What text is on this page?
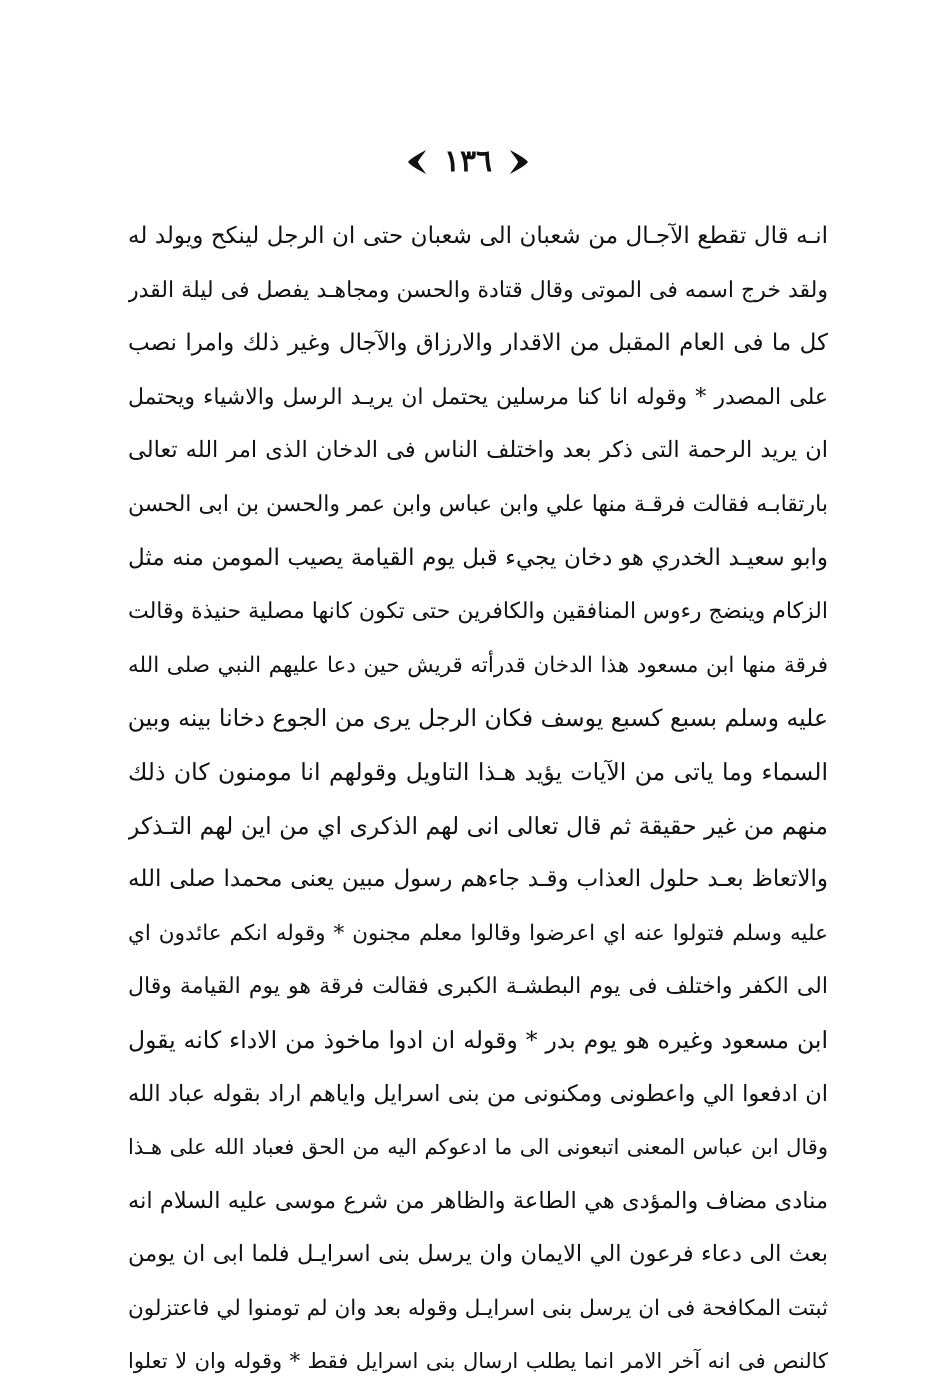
١٣٦
انـه قال تقطع الآجـال من شعبان الى شعبان حتى ان الرجل لينكح ويولد له
ولقد خرج اسمه فى الموتى وقال قتادة والحسن ومجاهـد يفصل فى ليلة القدر
كل ما فى العام المقبل من الاقدار والارزاق والآجال وغير ذلك وامرا نصب
على المصدر * وقوله انا كنا مرسلين يحتمل ان يريـد الرسل والاشياء ويحتمل
ان يريد الرحمة التى ذكر بعد واختلف الناس فى الدخان الذى امر الله تعالى
بارتقابـه فقالت فرقـة منها علي وابن عباس وابن عمر والحسن بن ابى الحسن
وابو سعيـد الخدري هو دخان يجيء قبل يوم القيامة يصيب المومن منه مثل
الزكام وينضج رءوس المنافقين والكافرين حتى تكون كانها مصلية حنيذة وقالت
فرقة منها ابن مسعود هذا الدخان قدرأته قريش حين دعا عليهم النبي صلى الله
عليه وسلم بسبع كسبع يوسف فكان الرجل يرى من الجوع دخانا بينه وبين
السماء وما ياتى من الآيات يؤيد هـذا التاويل وقولهم انا مومنون كان ذلك
منهم من غير حقيقة ثم قال تعالى انى لهم الذكرى اي من اين لهم التـذكر
والاتعاظ بعـد حلول العذاب وقـد جاءهم رسول مبين يعنى محمدا صلى الله
عليه وسلم فتولوا عنه اي اعرضوا وقالوا معلم مجنون * وقوله انكم عائدون اي
الى الكفر واختلف فى يوم البطشـة الكبرى فقالت فرقة هو يوم القيامة وقال
ابن مسعود وغيره هو يوم بدر * وقوله ان ادوا ماخوذ من الاداء كانه يقول
ان ادفعوا الي واعطونى ومكنونى من بنى اسرايل واياهم اراد بقوله عباد الله
وقال ابن عباس المعنى اتبعونى الى ما ادعوكم اليه من الحق فعباد الله على هـذا
منادى مضاف والمؤدى هي الطاعة والظاهر من شرع موسى عليه السلام انه
بعث الى دعاء فرعون الي الايمان وان يرسل بنى اسرايـل فلما ابى ان يومن
ثبتت المكافحة فى ان يرسل بنى اسرايـل وقوله بعد وان لم تومنوا لي فاعتزلون
كالنص فى انه آخر الامر انما يطلب ارسال بنى اسرايل فقط * وقوله وان لا تعلوا
